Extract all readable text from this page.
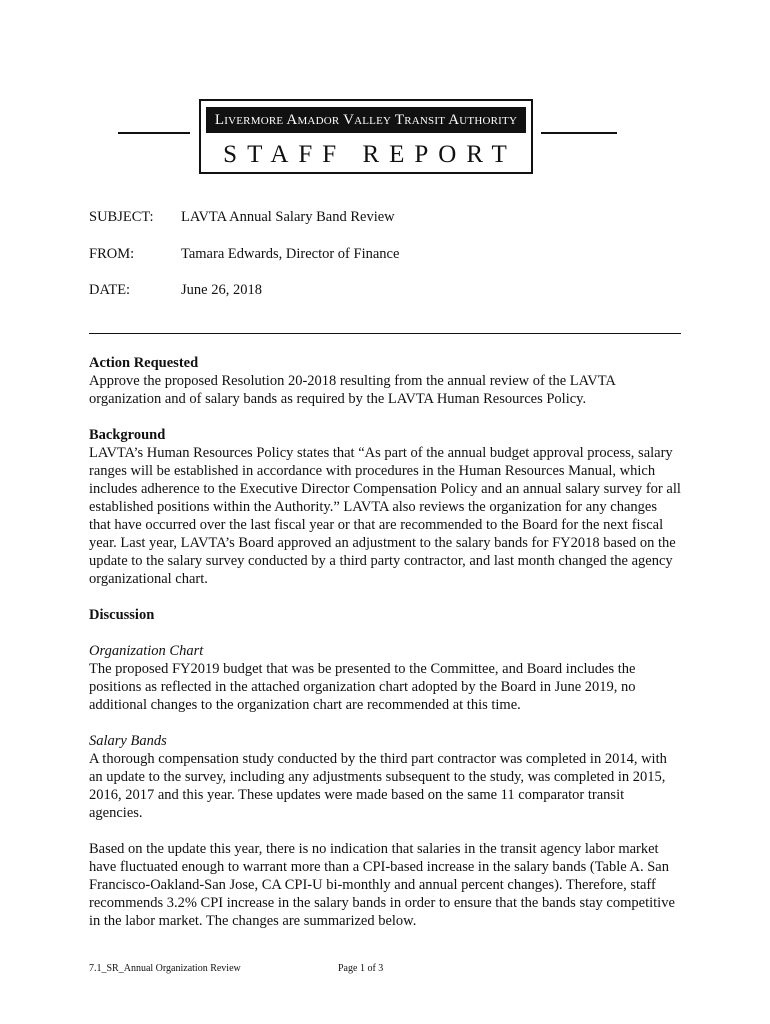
Livermore Amador Valley Transit Authority
STAFF REPORT
SUBJECT: LAVTA Annual Salary Band Review
FROM:	Tamara Edwards, Director of Finance
DATE:	June 26, 2018

Action Requested

Approve the proposed Resolution 20-2018 resulting from the annual review of the LAVTA organization and of salary bands as required by the LAVTA Human Resources Policy.

Background

LAVTA’s Human Resources Policy states that “As part of the annual budget approval process, salary ranges will be established in accordance with procedures in the Human Resources Manual, which includes adherence to the Executive Director Compensation Policy and an annual salary survey for all established positions within the Authority.” LAVTA also reviews the organization for any changes that have occurred over the last fiscal year or that are recommended to the Board for the next fiscal year. Last year, LAVTA’s Board approved an adjustment to the salary bands for FY2018 based on the update to the salary survey conducted by a third party contractor, and last month changed the agency organizational chart.

Discussion

Organization Chart

The proposed FY2019 budget that was be presented to the Committee, and Board includes the positions as reflected in the attached organization chart adopted by the Board in June 2019, no additional changes to the organization chart are recommended at this time.

Salary Bands

A thorough compensation study conducted by the third part contractor was completed in 2014, with an update to the survey, including any adjustments subsequent to the study, was completed in 2015, 2016, 2017 and this year. These updates were made based on the same 11 comparator transit agencies.

Based on the update this year, there is no indication that salaries in the transit agency labor market have fluctuated enough to warrant more than a CPI-based increase in the salary bands (Table A. San Francisco-Oakland-San Jose, CA CPI-U bi-monthly and annual percent changes). Therefore, staff recommends 3.2% CPI increase in the salary bands in order to ensure that the bands stay competitive in the labor market. The changes are summarized below.

7.1_SR_Annual Organization Review	Page 1 of 3
